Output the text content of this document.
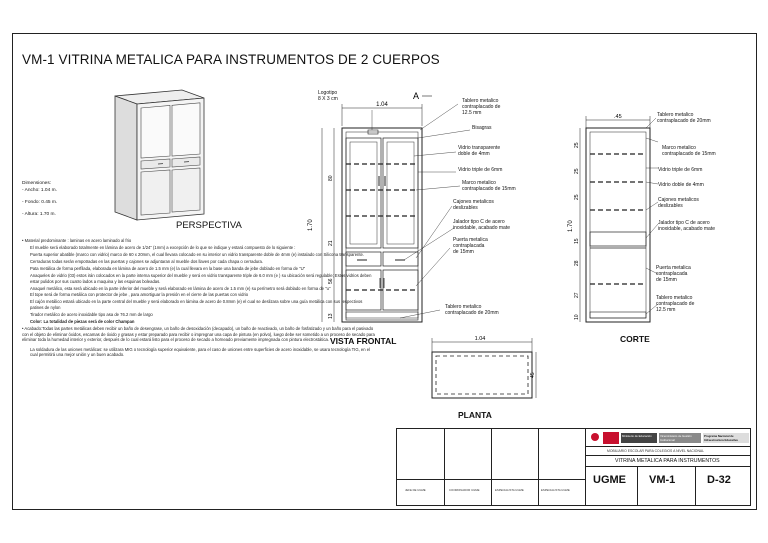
VM-1 VITRINA METALICA PARA INSTRUMENTOS DE 2 CUERPOS
PERSPECTIVA
Dimensiones:
- Ancho: 1.04 m.
- Fondo: 0.45 m.
- Altura: 1.70 m.

• Material predominante : laminas en acero laminado al frio

El mueble será elaborado totalmente en lámina de acero de 1/24" (1mm) a excepción de lo que se indique y estará compuesto de lo siguiente :

Puerta superior abatible (marco con vidrio) marco de 60 x 20mm, el cual llevara colocado en su interior un vidrio transparente doble de 4mm (e) instalado con Silicona transparente.

Cerraduras todas serán empotradas en las puertas y cajones se adjuntaran al mueble dos llaves por cada chapa o cerradura.

Pata metálica de forma perfilada, elaborada en lámina de acero de 1.5 mm (e) la cual llevara en la base una banda de jebe doblado en forma de "U"

Anaqueles de vidrio (03) estos irán colocados en la parte interna superior del mueble y será en vidrio transparente triple de 6.0 mm (e ) su ubicación será regulable; Estos vidrios deben estar pulidos por sus cuatro lados a maquina y las esquinas boleadas.

Anaquel metálico, esta será ubicado en la parte inferior del mueble y será elaborado en lámina de acero de 1.5 mm (e) su perímetro será doblado en forma de "u"

El tope será de forma metálica con protector de jebe , para amortiguar la presión en el cierre de las puertas con vidrio

El cajón metálico estará ubicado en la parte central del mueble y será elaborado en lámina de acero de 0.8mm (e) el cual se deslizara sobre una guía metálica con sus respectivos patines de nylon

Tirador metálico de acero inoxidable tipo asa de 76.2 mm de largo

Color: La totalidad de piezas será de color Champan

• Acabado:Todas las partes metálicas deben recibir un baño de desengrase, un baño de desoxidación (decapado), un baño de reactivado, un baño de fosfatizado y un baño para el pasivado con el objeto de eliminar óxidos, escamas de óxido y grasas y estar preparado para recibir o impregnar una capa de pintura (en polvo), luego debe ser sometido a un proceso de secado para eliminar toda la humedad interior y exterior, después de lo cual estará listo para el proceso de secado a horneado previamente impregnada con pintura electrostática.

La soldadura de las uniones metálicas: se utilizara MIG o tecnología superior equivalente, para el caso de uniones entre superficies de acero inoxidable, se usara tecnología TIG, en el cual permitirá una mejor unión y un buen acabado.

1.04
A
1.70
80
21
56
13
VISTA FRONTAL
Logotipo
8 X 3 cm	Tablero metalico
contraplacado de
12.5 mm
Bisagras
Vidrio transparente
doble de 4mm
Vidrio triple de 6mm
Marco metalico
contraplacado de 15mm
Cajones metalicos
deslizables
Jalador tipo C de acero
inoxidable, acabado mate
Puerta metalica
contraplacada
de 15mm
Tablero metalico
contraplacado de 20mm
.45
1.70
25
25
25
15
28
27
10
CORTE
Tablero metalico
contraplacado de 20mm
Marco metalico
contraplacado de 15mm
Vidrio triple de 6mm
Vidrio doble de 4mm
Cajones metalicos
deslizables
Jalador tipo C de acero
inoxidable, acabado mate
Puerta metalica
contraplacada
de 15mm
Tablero metalico
contraplacado de
12.5 mm
1.04
45
PLANTA
JEFE DE UGME	COORDINADOR UGME	ESPECIALISTA UGME	ESPECIALISTA UGME
Ministerio de Educación	Viceministerio de Gestión Institucional
Programa Nacional de Infraestructura Educativa
MOBILIARIO ESCOLAR PARA COLEGIOS A NIVEL NACIONAL
VITRINA METALICA PARA INSTRUMENTOS
UGME VM-1	D-32
